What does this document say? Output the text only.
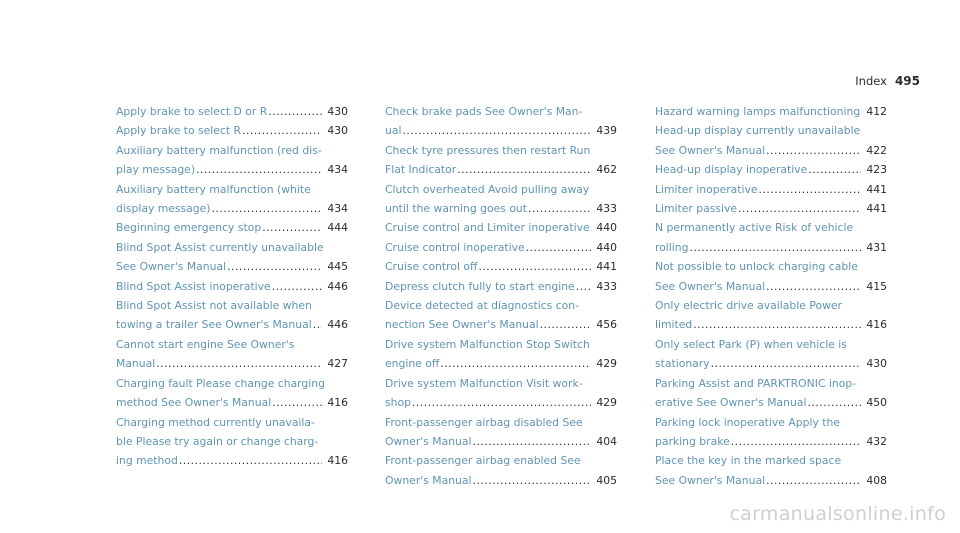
Index 495
Apply brake to select D or R .....	430
Apply brake to select R .....	430
Auxiliary battery malfunction (red dis-
play message) .....	434
Auxiliary battery malfunction (white
display message) .....	434
Beginning emergency stop .....	444
Blind Spot Assist currently unavailable
See Owner's Manual .....	445
Blind Spot Assist inoperative .....	446
Blind Spot Assist not available when
towing a trailer See Owner's Manual ..... 446
Cannot start engine See Owner's
Manual .....	427
Charging fault Please change charging
method See Owner's Manual .....	416
Charging method currently unavaila-
ble Please try again or change charg-
ing method .....	416
Check brake pads See Owner's Man-
ual .....	439
Check tyre pressures then restart Run
Flat Indicator .....	462
Clutch overheated Avoid pulling away
until the warning goes out .....	433
Cruise control and Limiter inoperative ..... 440
Cruise control inoperative .....	440
Cruise control off .....	441
Depress clutch fully to start engine ..... 433
Device detected at diagnostics con-
nection See Owner's Manual .....	456
Drive system Malfunction Stop Switch
engine off .....	429
Drive system Malfunction Visit work-
shop .....	429
Front-passenger airbag disabled See
Owner's Manual .....	404
Front-passenger airbag enabled See
Owner's Manual .....	405
Hazard warning lamps malfunctioning ..... 412
Head-up display currently unavailable
See Owner's Manual .....	422
Head-up display inoperative .....	423
Limiter inoperative .....	441
Limiter passive .....	441
N permanently active Risk of vehicle
rolling .....	431
Not possible to unlock charging cable
See Owner's Manual .....	415
Only electric drive available Power
limited .....	416
Only select Park (P) when vehicle is
stationary .....	430
Parking Assist and PARKTRONIC inop-
erative See Owner's Manual .....	450
Parking lock inoperative Apply the
parking brake .....	432
Place the key in the marked space
See Owner's Manual .....	408
carmanualsonline.info
